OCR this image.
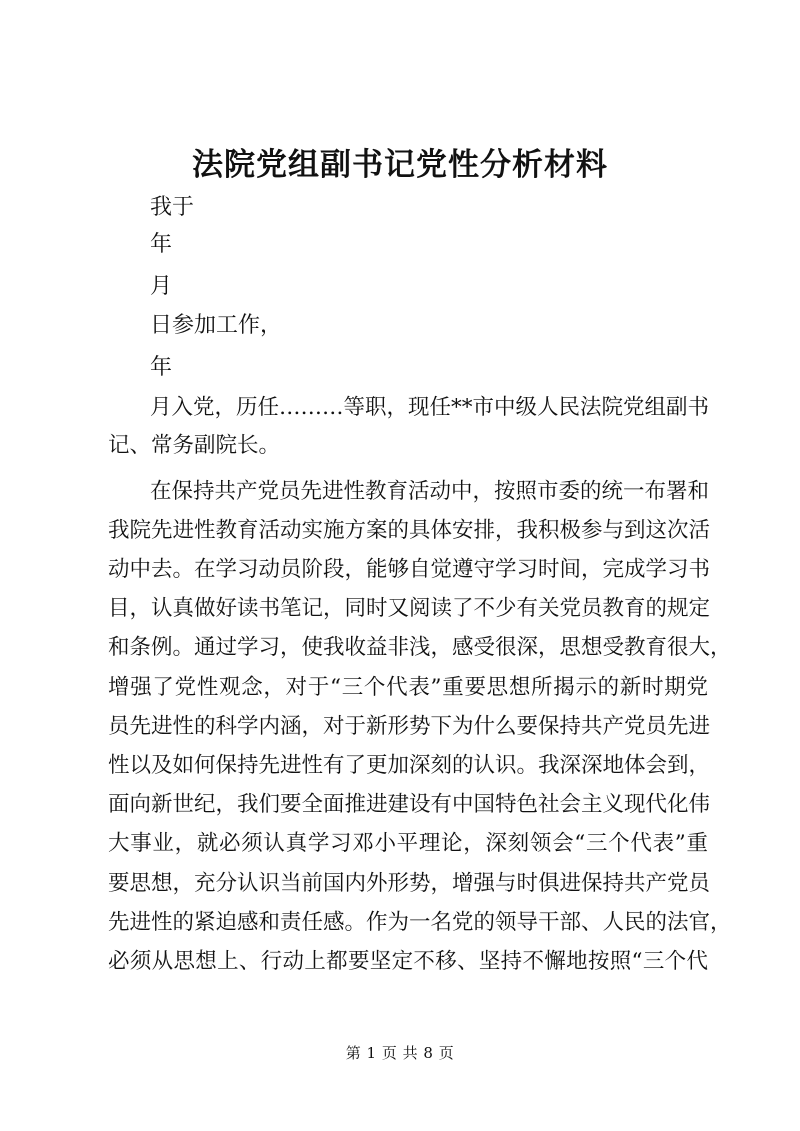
法院党组副书记党性分析材料
我于
年
月
日参加工作，
年
月入党，历任………等职，现任**市中级人民法院党组副书
记、常务副院长。
在保持共产党员先进性教育活动中，按照市委的统一布署和
我院先进性教育活动实施方案的具体安排，我积极参与到这次活
动中去。在学习动员阶段，能够自觉遵守学习时间，完成学习书
目，认真做好读书笔记，同时又阅读了不少有关党员教育的规定
和条例。通过学习，使我收益非浅，感受很深，思想受教育很大，
增强了党性观念，对于“三个代表”重要思想所揭示的新时期党
员先进性的科学内涵，对于新形势下为什么要保持共产党员先进
性以及如何保持先进性有了更加深刻的认识。我深深地体会到，
面向新世纪，我们要全面推进建设有中国特色社会主义现代化伟
大事业，就必须认真学习邓小平理论，深刻领会“三个代表”重
要思想，充分认识当前国内外形势，增强与时俱进保持共产党员
先进性的紧迫感和责任感。作为一名党的领导干部、人民的法官，
必须从思想上、行动上都要坚定不移、坚持不懈地按照“三个代
第 1 页 共 8 页
